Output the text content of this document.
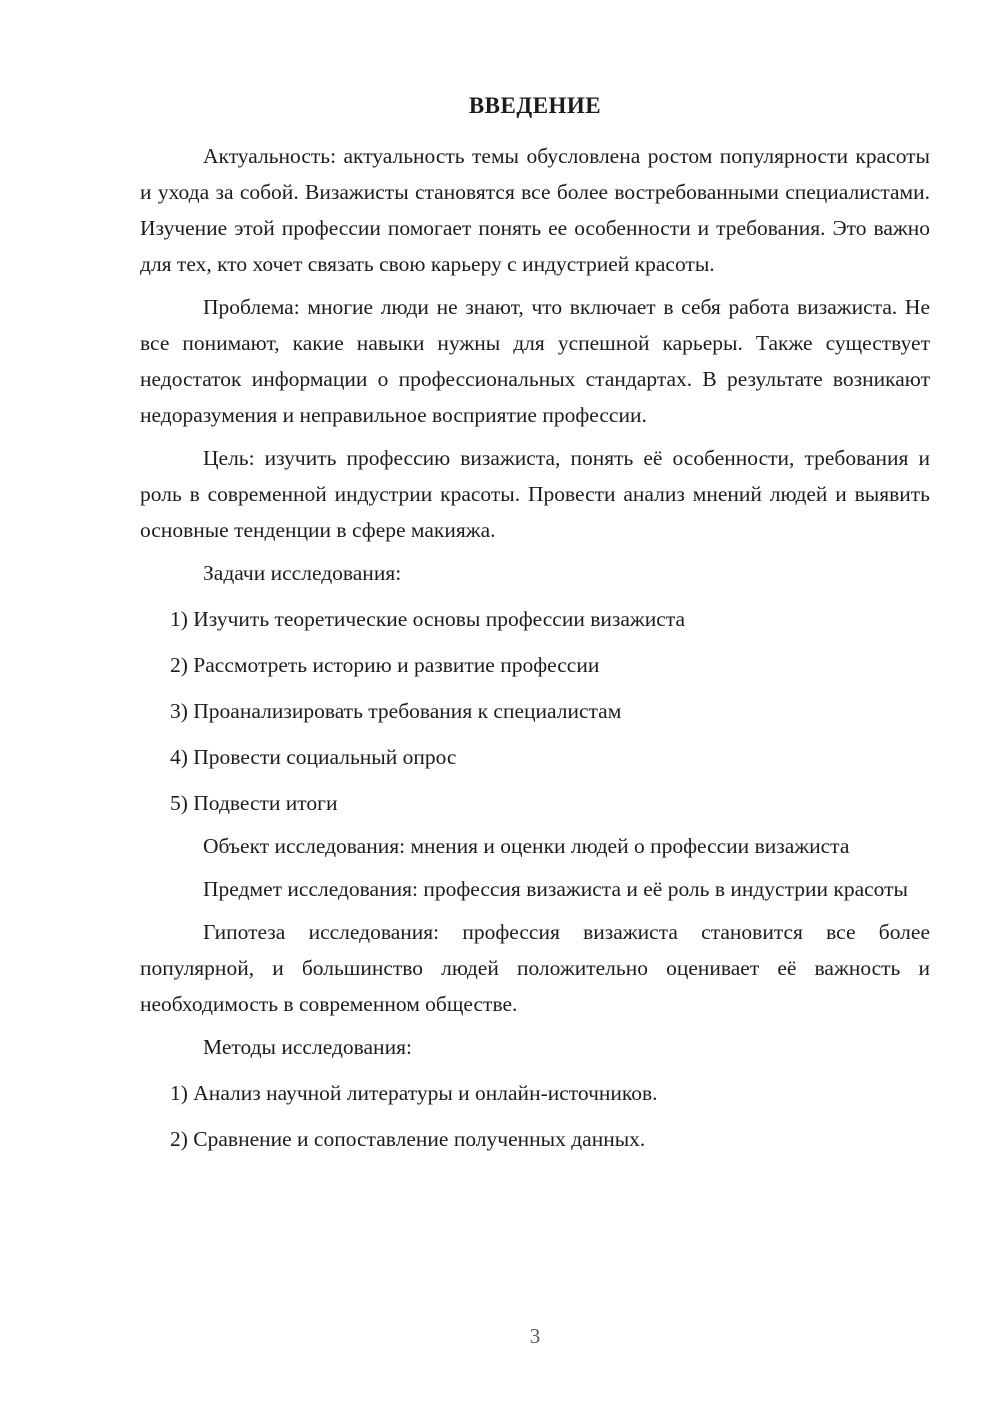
ВВЕДЕНИЕ

Актуальность: актуальность темы обусловлена ростом популярности красоты и ухода за собой. Визажисты становятся все более востребованными специалистами. Изучение этой профессии помогает понять ее особенности и требования. Это важно для тех, кто хочет связать свою карьеру с индустрией красоты.

Проблема: многие люди не знают, что включает в себя работа визажиста. Не все понимают, какие навыки нужны для успешной карьеры. Также существует недостаток информации о профессиональных стандартах. В результате возникают недоразумения и неправильное восприятие профессии.

Цель: изучить профессию визажиста, понять её особенности, требования и роль в современной индустрии красоты. Провести анализ мнений людей и выявить основные тенденции в сфере макияжа.

Задачи исследования:

1) Изучить теоретические основы профессии визажиста

2) Рассмотреть историю и развитие профессии

3) Проанализировать требования к специалистам

4) Провести социальный опрос

5) Подвести итоги

Объект исследования: мнения и оценки людей о профессии визажиста

Предмет исследования: профессия визажиста и её роль в индустрии красоты

Гипотеза исследования: профессия визажиста становится все более популярной, и большинство людей положительно оценивает её важность и необходимость в современном обществе.

Методы исследования:

1) Анализ научной литературы и онлайн-источников.

2) Сравнение и сопоставление полученных данных.

3
